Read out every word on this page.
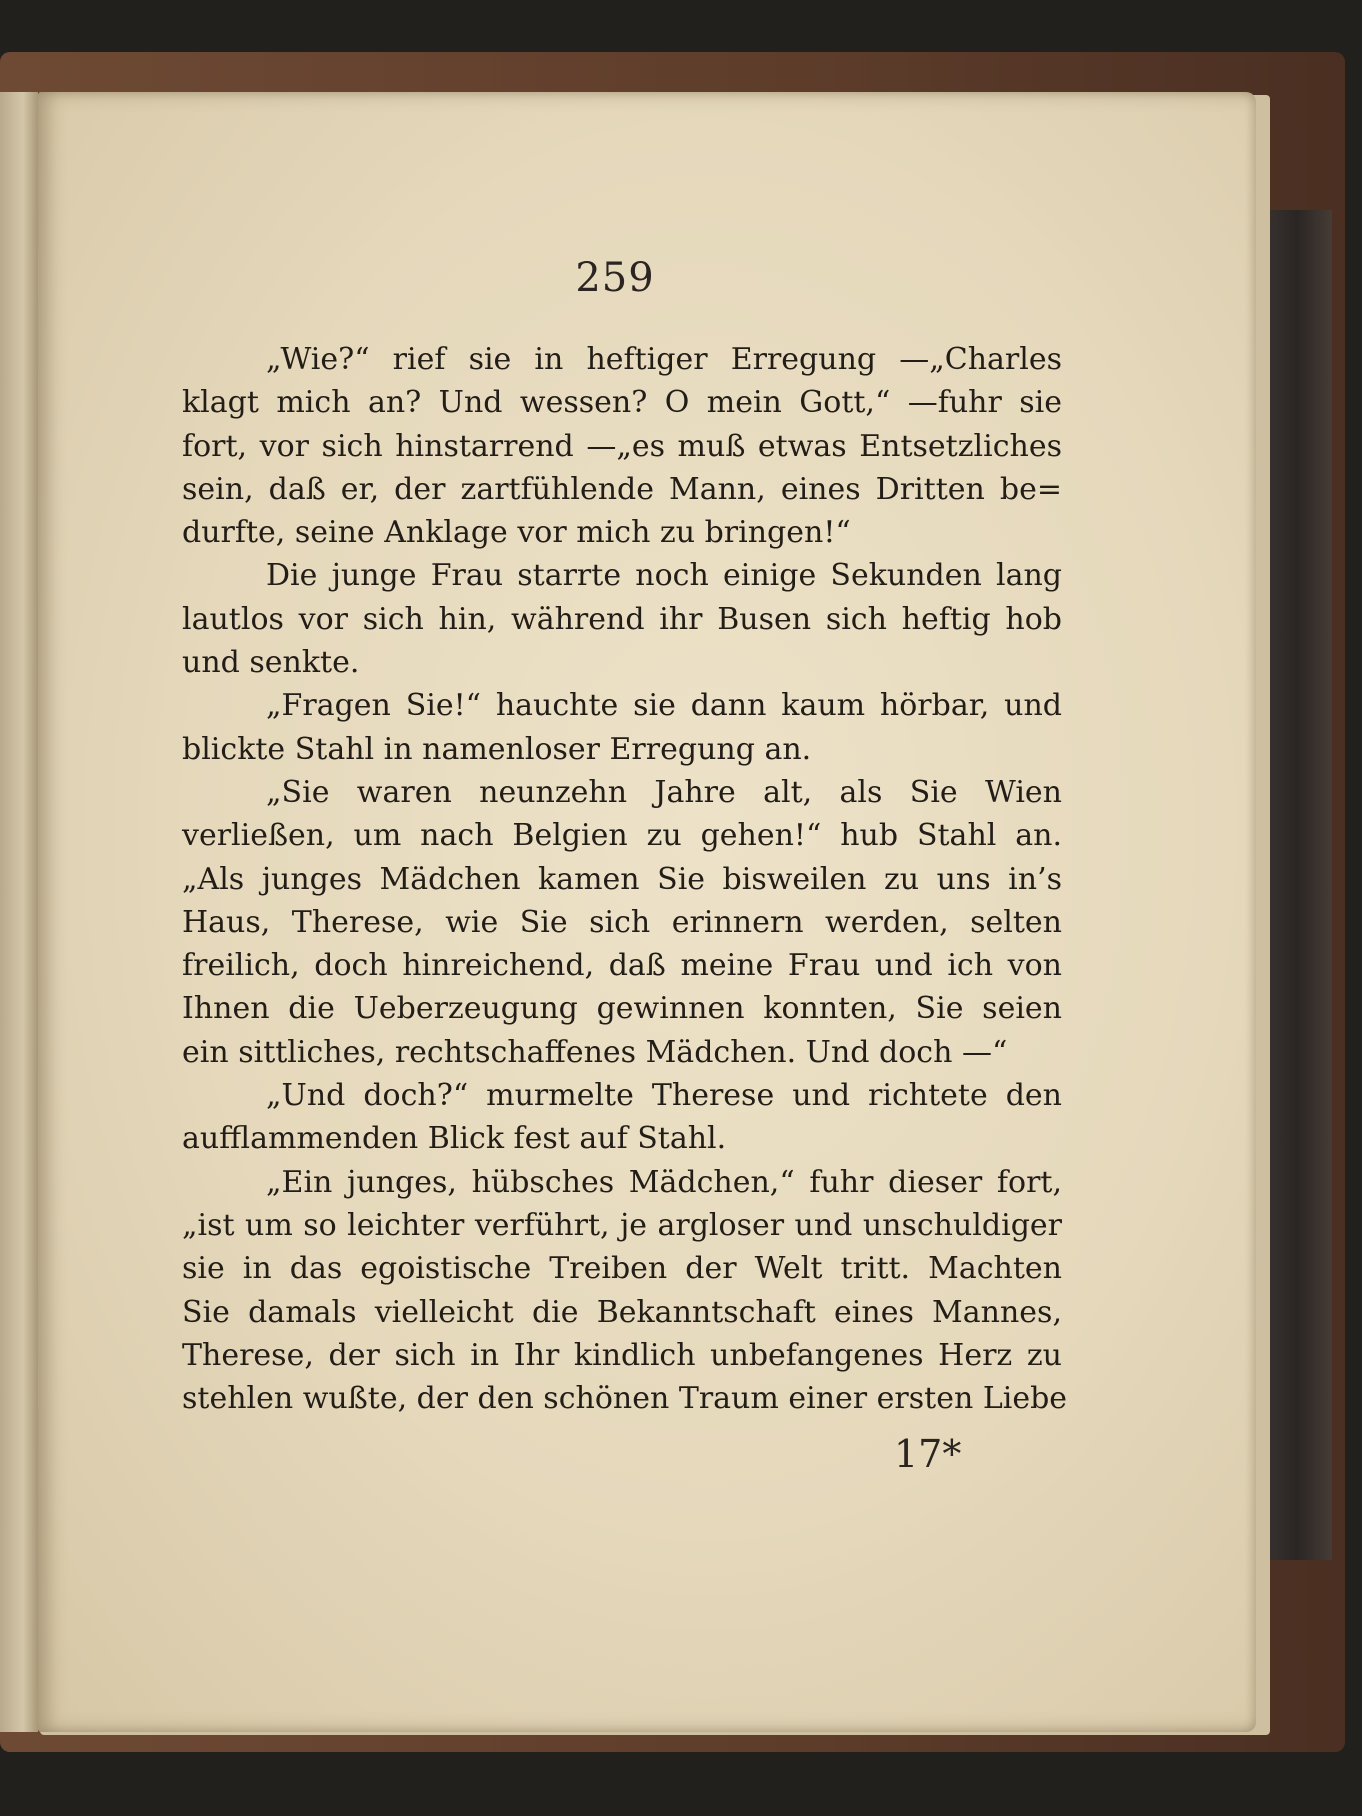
259
„Wie?“ rief sie in heftiger Erregung —„Charles
klagt mich an? Und wessen? O mein Gott,“ —fuhr sie
fort, vor sich hinstarrend —„es muß etwas Entsetzliches
sein, daß er, der zartfühlende Mann, eines Dritten be=
durfte, seine Anklage vor mich zu bringen!“
Die junge Frau starrte noch einige Sekunden lang
lautlos vor sich hin, während ihr Busen sich heftig hob
und senkte.
„Fragen Sie!“ hauchte sie dann kaum hörbar, und
blickte Stahl in namenloser Erregung an.
„Sie waren neunzehn Jahre alt, als Sie Wien
verließen, um nach Belgien zu gehen!“ hub Stahl an.
„Als junges Mädchen kamen Sie bisweilen zu uns in’s
Haus, Therese, wie Sie sich erinnern werden, selten
freilich, doch hinreichend, daß meine Frau und ich von
Ihnen die Ueberzeugung gewinnen konnten, Sie seien
ein sittliches, rechtschaffenes Mädchen. Und doch —“
„Und doch?“ murmelte Therese und richtete den
aufflammenden Blick fest auf Stahl.
„Ein junges, hübsches Mädchen,“ fuhr dieser fort,
„ist um so leichter verführt, je argloser und unschuldiger
sie in das egoistische Treiben der Welt tritt. Machten
Sie damals vielleicht die Bekanntschaft eines Mannes,
Therese, der sich in Ihr kindlich unbefangenes Herz zu
stehlen wußte, der den schönen Traum einer ersten Liebe
17*
